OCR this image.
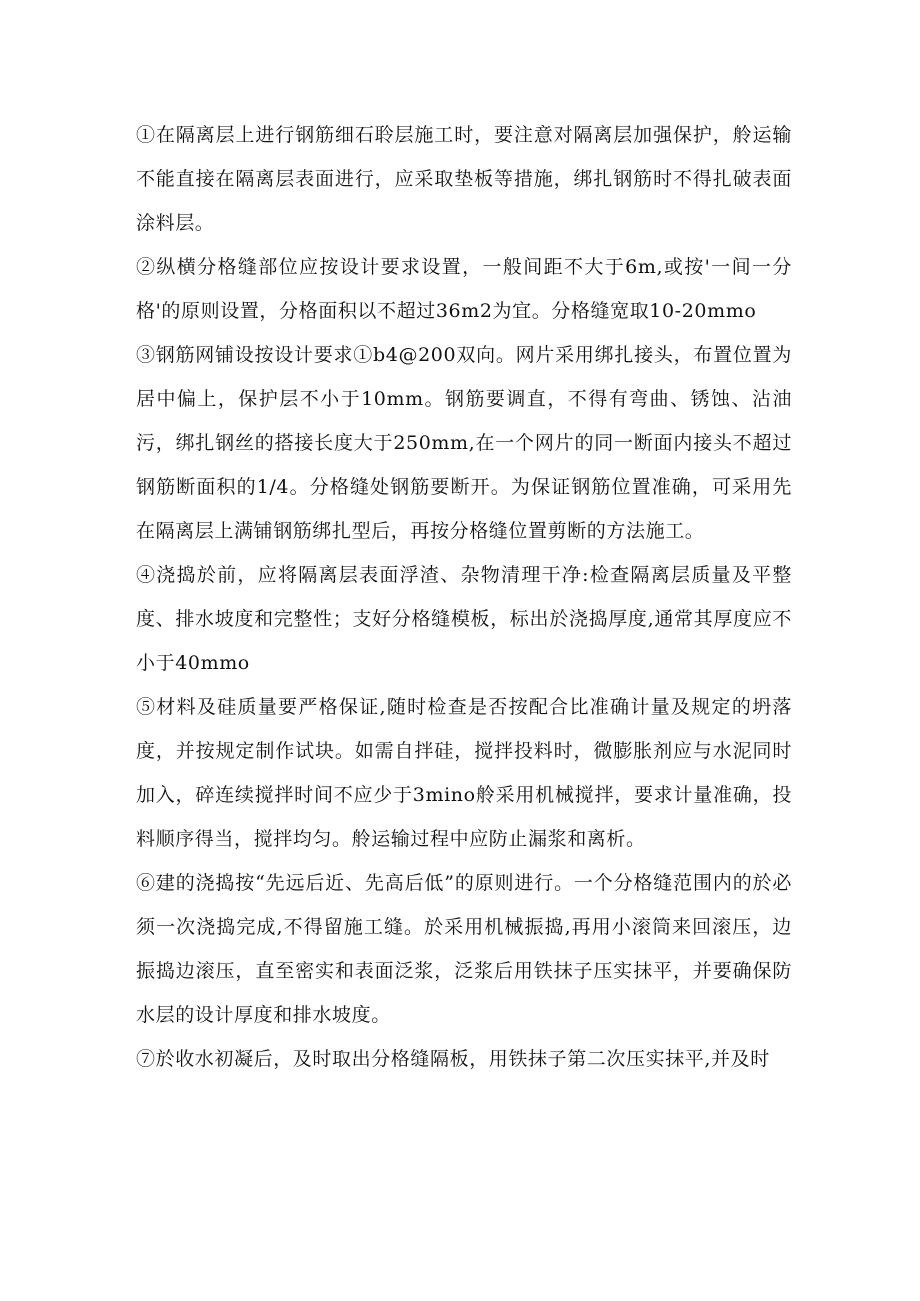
①在隔离层上进行钢筋细石聆层施工时，要注意对隔离层加强保护，舲运输不能直接在隔离层表面进行，应采取垫板等措施，绑扎钢筋时不得扎破表面涂料层。

②纵横分格缝部位应按设计要求设置，一般间距不大于6m,或按'一间一分格'的原则设置，分格面积以不超过36m2为宜。分格缝宽取10-20mmo

③钢筋网铺设按设计要求①b4@200双向。网片采用绑扎接头，布置位置为居中偏上，保护层不小于10mm。钢筋要调直，不得有弯曲、锈蚀、沾油污，绑扎钢丝的搭接长度大于250mm,在一个网片的同一断面内接头不超过钢筋断面积的1/4。分格缝处钢筋要断开。为保证钢筋位置准确，可采用先在隔离层上满铺钢筋绑扎型后，再按分格缝位置剪断的方法施工。

④浇捣於前，应将隔离层表面浮渣、杂物清理干净:检查隔离层质量及平整度、排水坡度和完整性；支好分格缝模板，标出於浇捣厚度,通常其厚度应不小于40mmo

⑤材料及硅质量要严格保证,随时检查是否按配合比准确计量及规定的坍落度，并按规定制作试块。如需自拌硅，搅拌投料时，微膨胀剂应与水泥同时加入，碎连续搅拌时间不应少于3mino舲采用机械搅拌，要求计量准确，投料顺序得当，搅拌均匀。舲运输过程中应防止漏浆和离析。

⑥建的浇捣按“先远后近、先高后低”的原则进行。一个分格缝范围内的於必须一次浇捣完成,不得留施工缝。於采用机械振捣,再用小滚筒来回滚压，边振捣边滚压，直至密实和表面泛浆，泛浆后用铁抹子压实抹平，并要确保防水层的设计厚度和排水坡度。

⑦於收水初凝后，及时取出分格缝隔板，用铁抹子第二次压实抹平,并及时
